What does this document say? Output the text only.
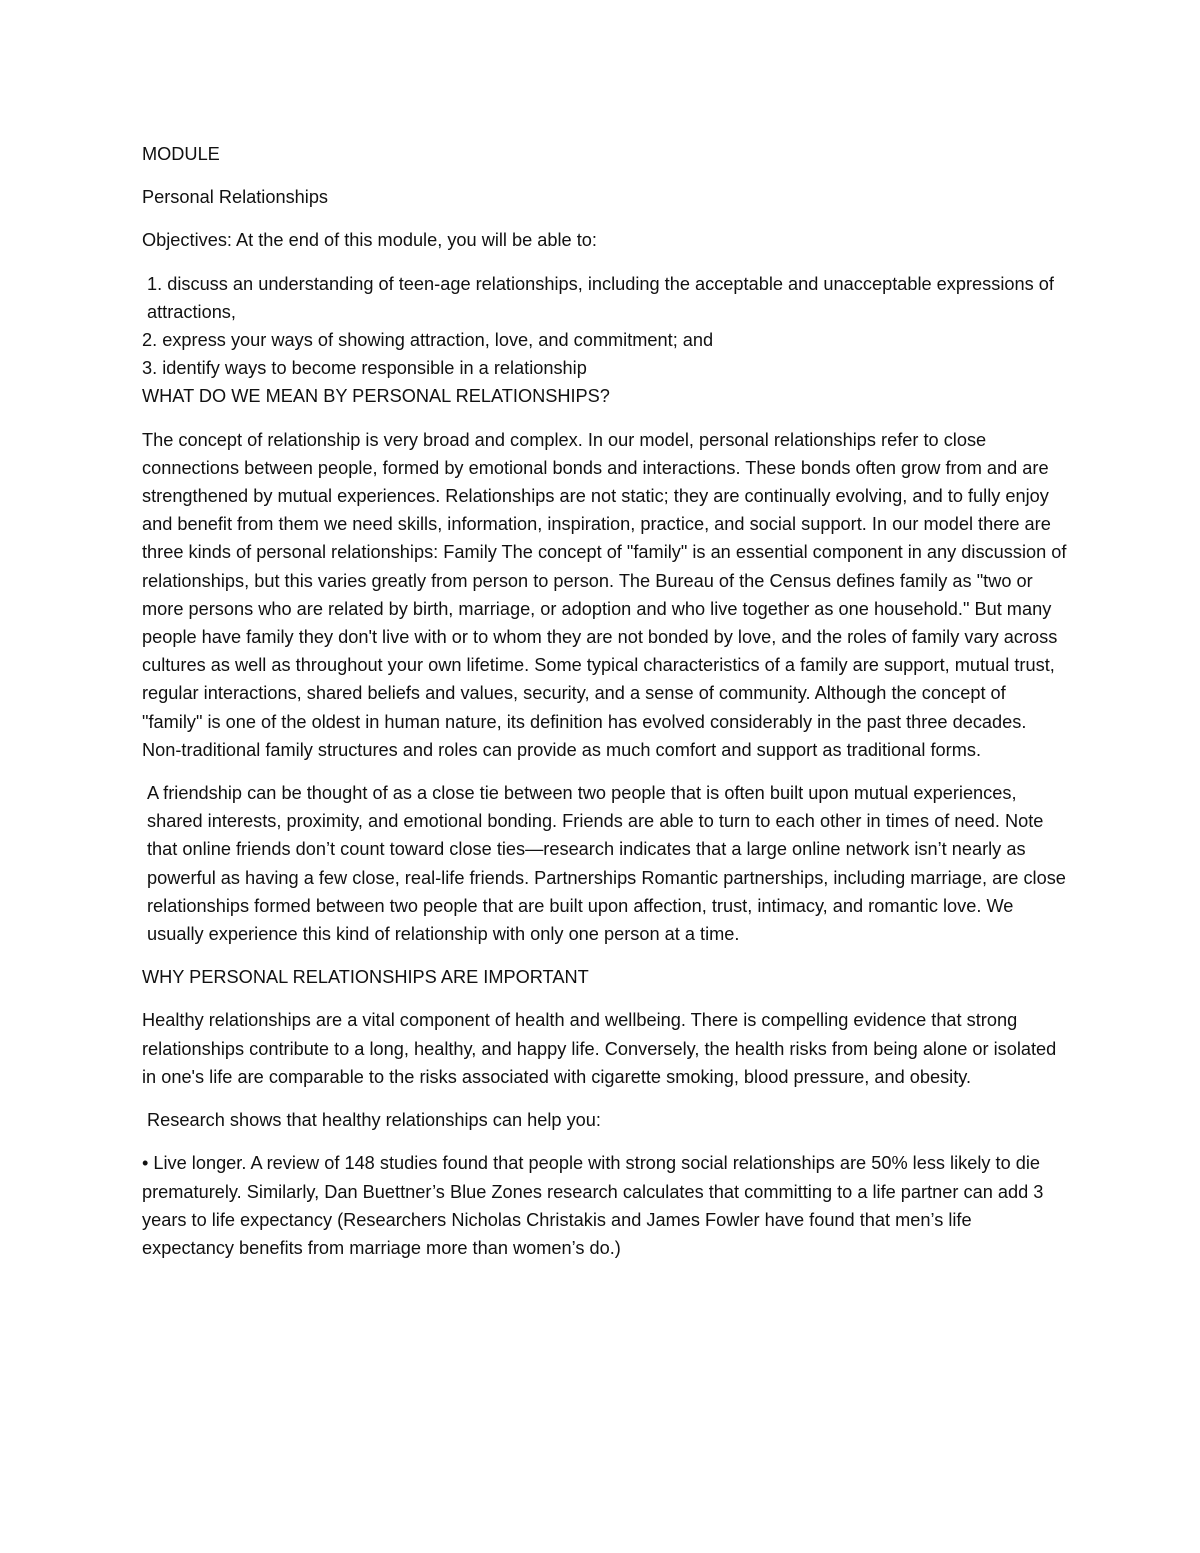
MODULE

Personal Relationships

Objectives: At the end of this module, you will be able to:

1. discuss an understanding of teen-age relationships, including the acceptable and unacceptable expressions of attractions,

2. express your ways of showing attraction, love, and commitment; and

3. identify ways to become responsible in a relationship

WHAT DO WE MEAN BY PERSONAL RELATIONSHIPS?

The concept of relationship is very broad and complex. In our model, personal relationships refer to close connections between people, formed by emotional bonds and interactions. These bonds often grow from and are strengthened by mutual experiences. Relationships are not static; they are continually evolving, and to fully enjoy and benefit from them we need skills, information, inspiration, practice, and social support. In our model there are three kinds of personal relationships: Family The concept of "family" is an essential component in any discussion of relationships, but this varies greatly from person to person. The Bureau of the Census defines family as "two or more persons who are related by birth, marriage, or adoption and who live together as one household." But many people have family they don't live with or to whom they are not bonded by love, and the roles of family vary across cultures as well as throughout your own lifetime. Some typical characteristics of a family are support, mutual trust, regular interactions, shared beliefs and values, security, and a sense of community. Although the concept of "family" is one of the oldest in human nature, its definition has evolved considerably in the past three decades. Non-traditional family structures and roles can provide as much comfort and support as traditional forms.

A friendship can be thought of as a close tie between two people that is often built upon mutual experiences, shared interests, proximity, and emotional bonding. Friends are able to turn to each other in times of need. Note that online friends don’t count toward close ties—research indicates that a large online network isn’t nearly as powerful as having a few close, real-life friends. Partnerships Romantic partnerships, including marriage, are close relationships formed between two people that are built upon affection, trust, intimacy, and romantic love. We usually experience this kind of relationship with only one person at a time.

WHY PERSONAL RELATIONSHIPS ARE IMPORTANT

Healthy relationships are a vital component of health and wellbeing. There is compelling evidence that strong relationships contribute to a long, healthy, and happy life. Conversely, the health risks from being alone or isolated in one's life are comparable to the risks associated with cigarette smoking, blood pressure, and obesity.

Research shows that healthy relationships can help you:

• Live longer. A review of 148 studies found that people with strong social relationships are 50% less likely to die prematurely. Similarly, Dan Buettner’s Blue Zones research calculates that committing to a life partner can add 3 years to life expectancy (Researchers Nicholas Christakis and James Fowler have found that men’s life expectancy benefits from marriage more than women’s do.)
